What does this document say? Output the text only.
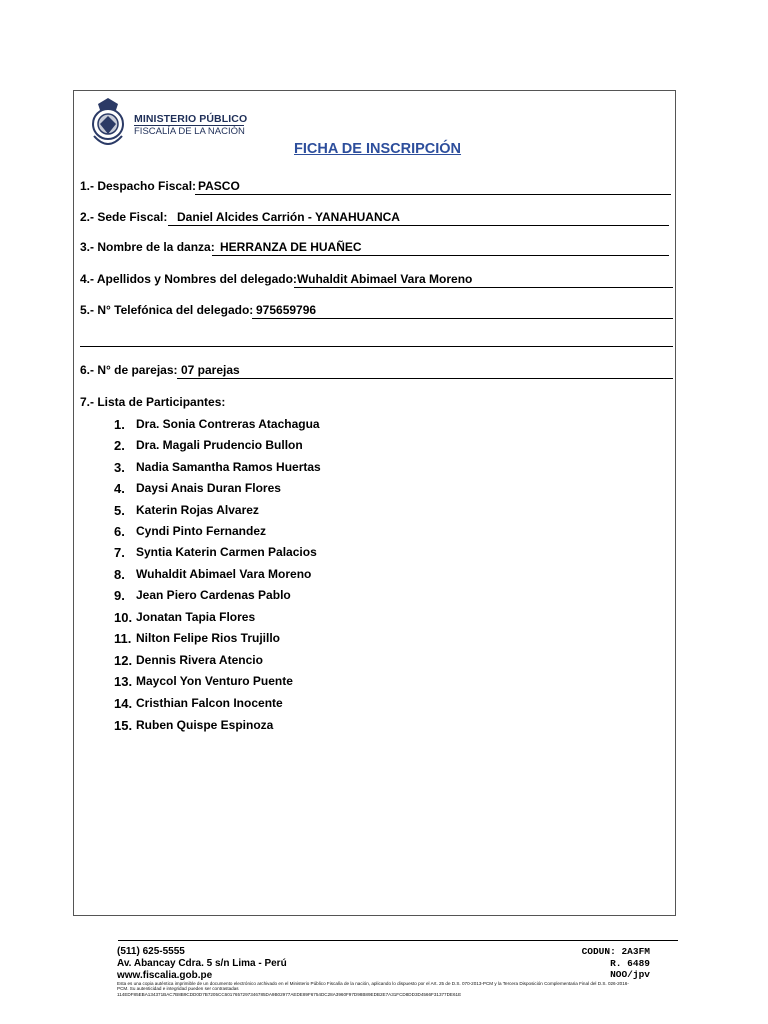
MINISTERIO PÚBLICO
FISCALÍA DE LA NACIÓN
FICHA DE INSCRIPCIÓN
1.- Despacho Fiscal: PASCO
2.- Sede Fiscal: Daniel Alcides Carrión - YANAHUANCA
3.- Nombre de la danza: HERRANZA DE HUAÑEC
4.- Apellidos y Nombres del delegado: Wuhaldit Abimael Vara Moreno
5.- N° Telefónica del delegado: 975659796
6.- N° de parejas: 07 parejas
7.- Lista de Participantes:
1. Dra. Sonia Contreras Atachagua
2. Dra. Magali Prudencio Bullon
3. Nadia Samantha Ramos Huertas
4. Daysi Anais Duran Flores
5. Katerin Rojas Alvarez
6. Cyndi Pinto Fernandez
7. Syntia Katerin Carmen Palacios
8. Wuhaldit Abimael Vara Moreno
9. Jean Piero Cardenas Pablo
10. Jonatan Tapia Flores
11. Nilton Felipe Rios Trujillo
12. Dennis Rivera Atencio
13. Maycol Yon Venturo Puente
14. Cristhian Falcon Inocente
15. Ruben Quispe Espinoza
(511) 625-5555
Av. Abancay Cdra. 5 s/n Lima - Perú
www.fiscalia.gob.pe
CODUN: 2A3FM
R. 6489
NOO/jpv
Esta es una copia auténtica imprimible de un documento electrónico archivado en el Ministerio Público Fiscalía de la nación, aplicando lo dispuesto por el Art. 25 de D.S. 070-2013-PCM y la Tercera Disposición Complementaria Final del D.S. 026-2016-
PCM. Su autenticidad e integridad pueden ser contrastadas
114EDF85EBA134371BAC7B8B9CDD0D7B7205CC6017657297346785DA9B02977AEDE89F6754DC28A3960F97D98B89EDB2E7A31FCD8DD3D4566F31377DE61E
